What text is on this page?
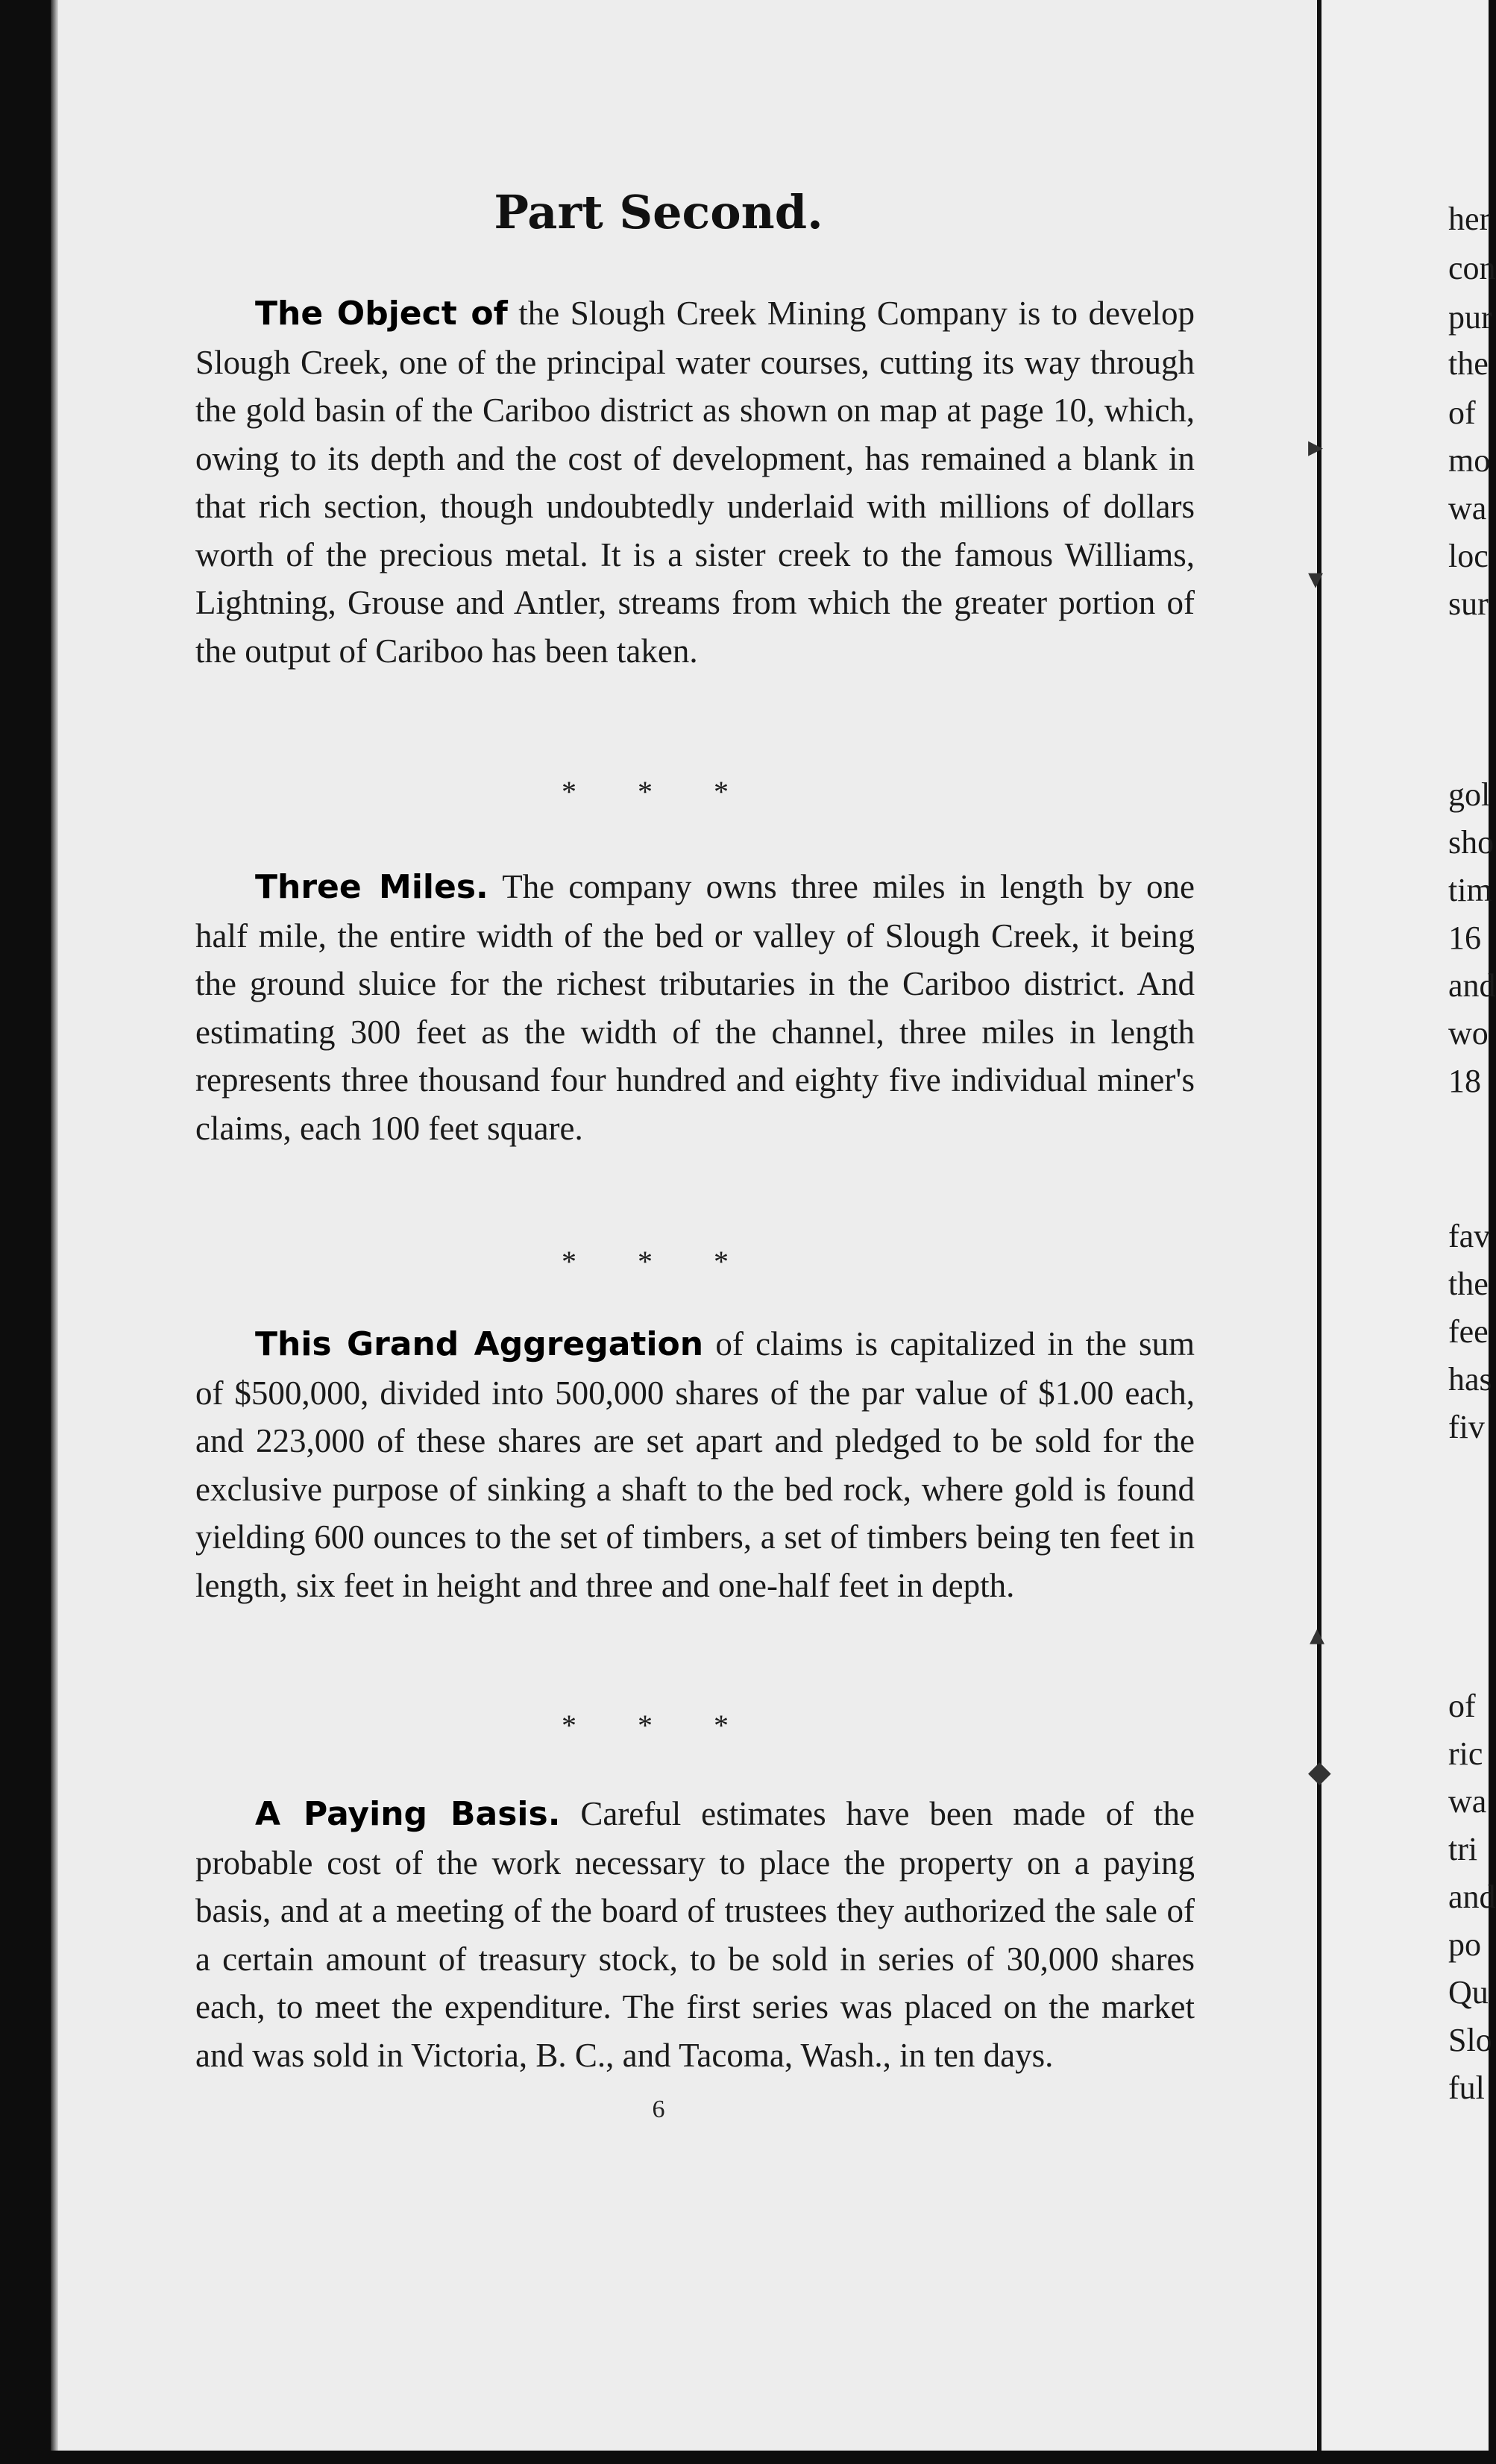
Part Second.

The Object of the Slough Creek Mining Company is to develop Slough Creek, one of the principal water courses, cutting its way through the gold basin of the Cariboo district as shown on map at page 10, which, owing to its depth and the cost of development, has remained a blank in that rich section, though undoubtedly underlaid with millions of dollars worth of the precious metal. It is a sister creek to the famous Williams, Lightning, Grouse and Antler, streams from which the greater portion of the output of Cariboo has been taken.

* * *

Three Miles. The company owns three miles in length by one half mile, the entire width of the bed or valley of Slough Creek, it being the ground sluice for the richest tributaries in the Cariboo district. And estimating 300 feet as the width of the channel, three miles in length represents three thousand four hundred and eighty five individual miner's claims, each 100 feet square.

* * *

This Grand Aggregation of claims is capitalized in the sum of $500,000, divided into 500,000 shares of the par value of $1.00 each, and 223,000 of these shares are set apart and pledged to be sold for the exclusive purpose of sinking a shaft to the bed rock, where gold is found yielding 600 ounces to the set of timbers, a set of timbers being ten feet in length, six feet in height and three and one-half feet in depth.

* * *

A Paying Basis. Careful estimates have been made of the probable cost of the work necessary to place the property on a paying basis, and at a meeting of the board of trustees they authorized the sale of a certain amount of treasury stock, to be sold in series of 30,000 shares each, to meet the expenditure. The first series was placed on the market and was sold in Victoria, B. C., and Tacoma, Wash., in ten days.

6

her

con

pur

the

of

mo

wa

loc

sur

gol

sho

tim

16

and

wo

18

fav

the

fee

has

fiv

of

ric

wa

tri

and

po

Qu

Slo

ful

▸
▾
▴
◆
